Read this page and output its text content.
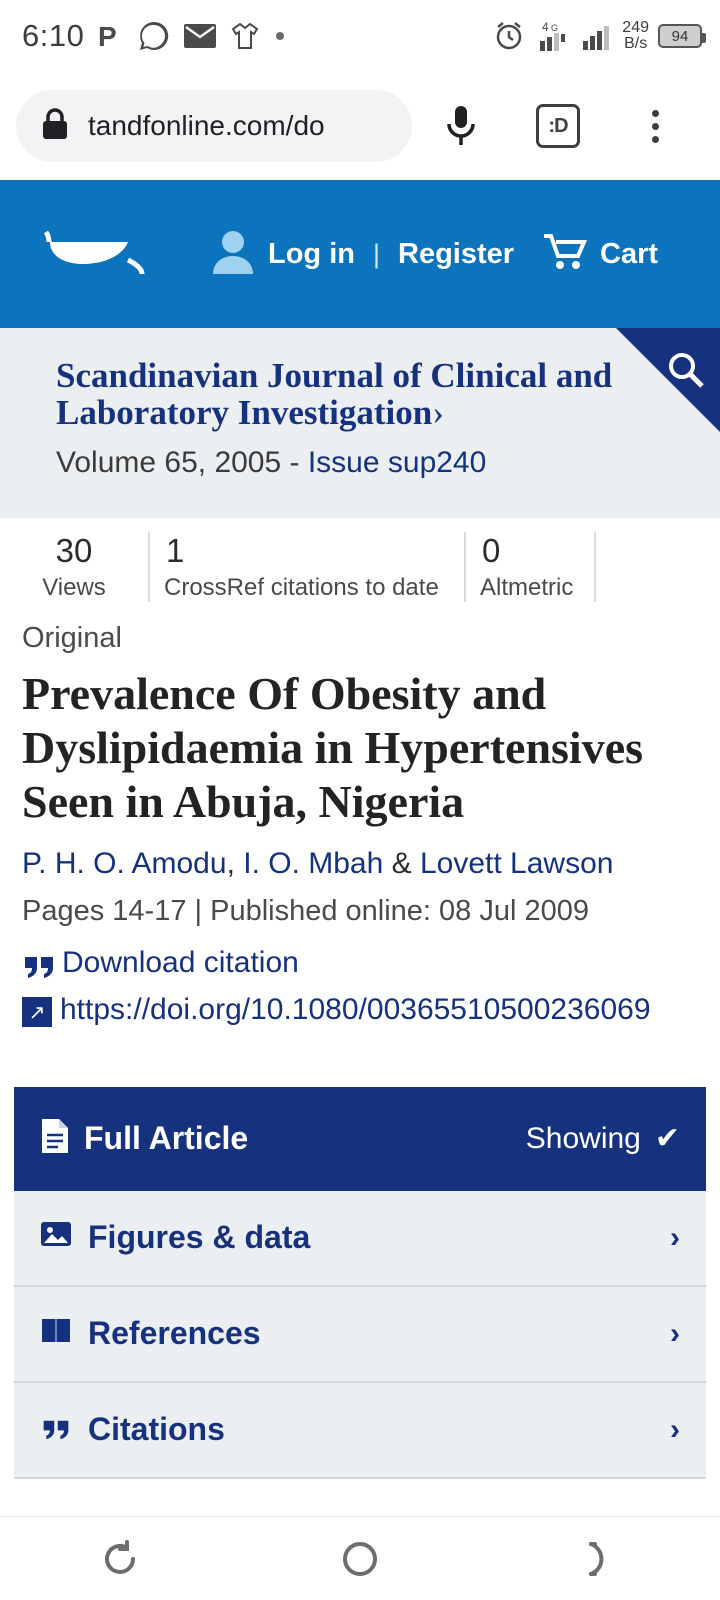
6:10 P	4 G	249
B/s 94
tandfonline.com/do	:D
Log in | Register	Cart
Scandinavian Journal of Clinical and Laboratory Investigation›
Volume 65, 2005 - Issue sup240
30
Views
1
CrossRef citations to date
0
Altmetric
Original
Prevalence Of Obesity and Dyslipidaemia in Hypertensives Seen in Abuja, Nigeria
P. H. O. Amodu, I. O. Mbah & Lovett Lawson
Pages 14-17 | Published online: 08 Jul 2009
Download citation
↗ https://doi.org/10.1080/00365510500236069
Full Article	Showing ✔
Figures & data	›
References	›
Citations	›
